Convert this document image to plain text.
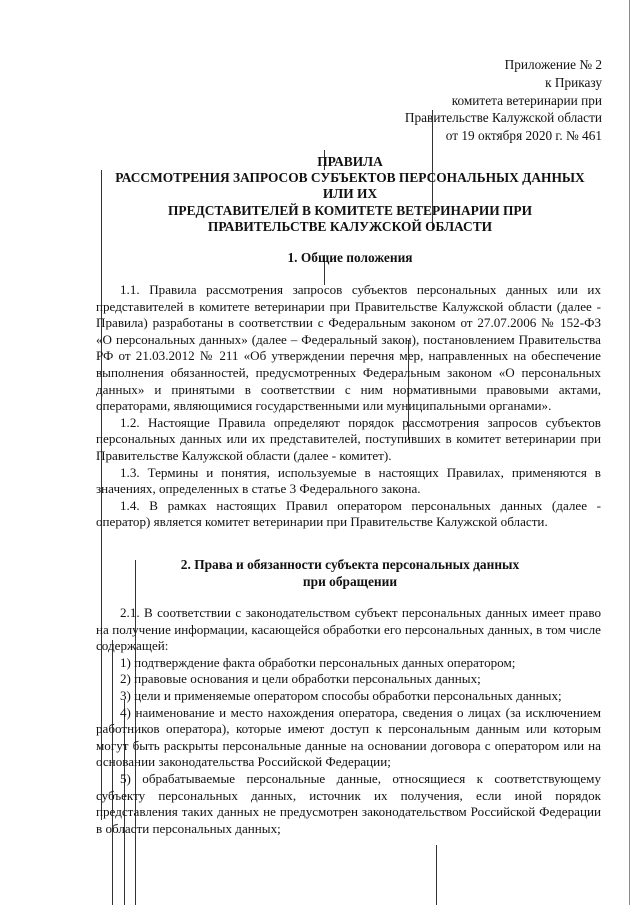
Приложение № 2
к Приказу
комитета ветеринарии при
Правительстве Калужской области
от 19 октября 2020 г. № 461
ПРАВИЛА
РАССМОТРЕНИЯ ЗАПРОСОВ СУБЪЕКТОВ ПЕРСОНАЛЬНЫХ ДАННЫХ
ИЛИ ИХ
ПРЕДСТАВИТЕЛЕЙ В КОМИТЕТЕ ВЕТЕРИНАРИИ ПРИ
ПРАВИТЕЛЬСТВЕ КАЛУЖСКОЙ ОБЛАСТИ
1. Общие положения

1.1. Правила рассмотрения запросов субъектов персональных данных или их представителей в комитете ветеринарии при Правительстве Калужской области (далее - Правила) разработаны в соответствии с Федеральным законом от 27.07.2006 № 152-ФЗ «О персональных данных» (далее – Федеральный закон), постановлением Правительства РФ от 21.03.2012 № 211 «Об утверждении перечня мер, направленных на обеспечение выполнения обязанностей, предусмотренных Федеральным законом «О персональных данных» и принятыми в соответствии с ним нормативными правовыми актами, операторами, являющимися государственными или муниципальными органами».

1.2. Настоящие Правила определяют порядок рассмотрения запросов субъектов персональных данных или их представителей, поступивших в комитет ветеринарии при Правительстве Калужской области (далее - комитет).

1.3. Термины и понятия, используемые в настоящих Правилах, применяются в значениях, определенных в статье 3 Федерального закона.

1.4. В рамках настоящих Правил оператором персональных данных (далее - оператор) является комитет ветеринарии при Правительстве Калужской области.

2. Права и обязанности субъекта персональных данных
при обращении

2.1. В соответствии с законодательством субъект персональных данных имеет право на получение информации, касающейся обработки его персональных данных, в том числе содержащей:

1) подтверждение факта обработки персональных данных оператором;

2) правовые основания и цели обработки персональных данных;

3) цели и применяемые оператором способы обработки персональных данных;

4) наименование и место нахождения оператора, сведения о лицах (за исключением работников оператора), которые имеют доступ к персональным данным или которым могут быть раскрыты персональные данные на основании договора с оператором или на основании законодательства Российской Федерации;

5) обрабатываемые персональные данные, относящиеся к соответствующему субъекту персональных данных, источник их получения, если иной порядок представления таких данных не предусмотрен законодательством Российской Федерации в области персональных данных;
